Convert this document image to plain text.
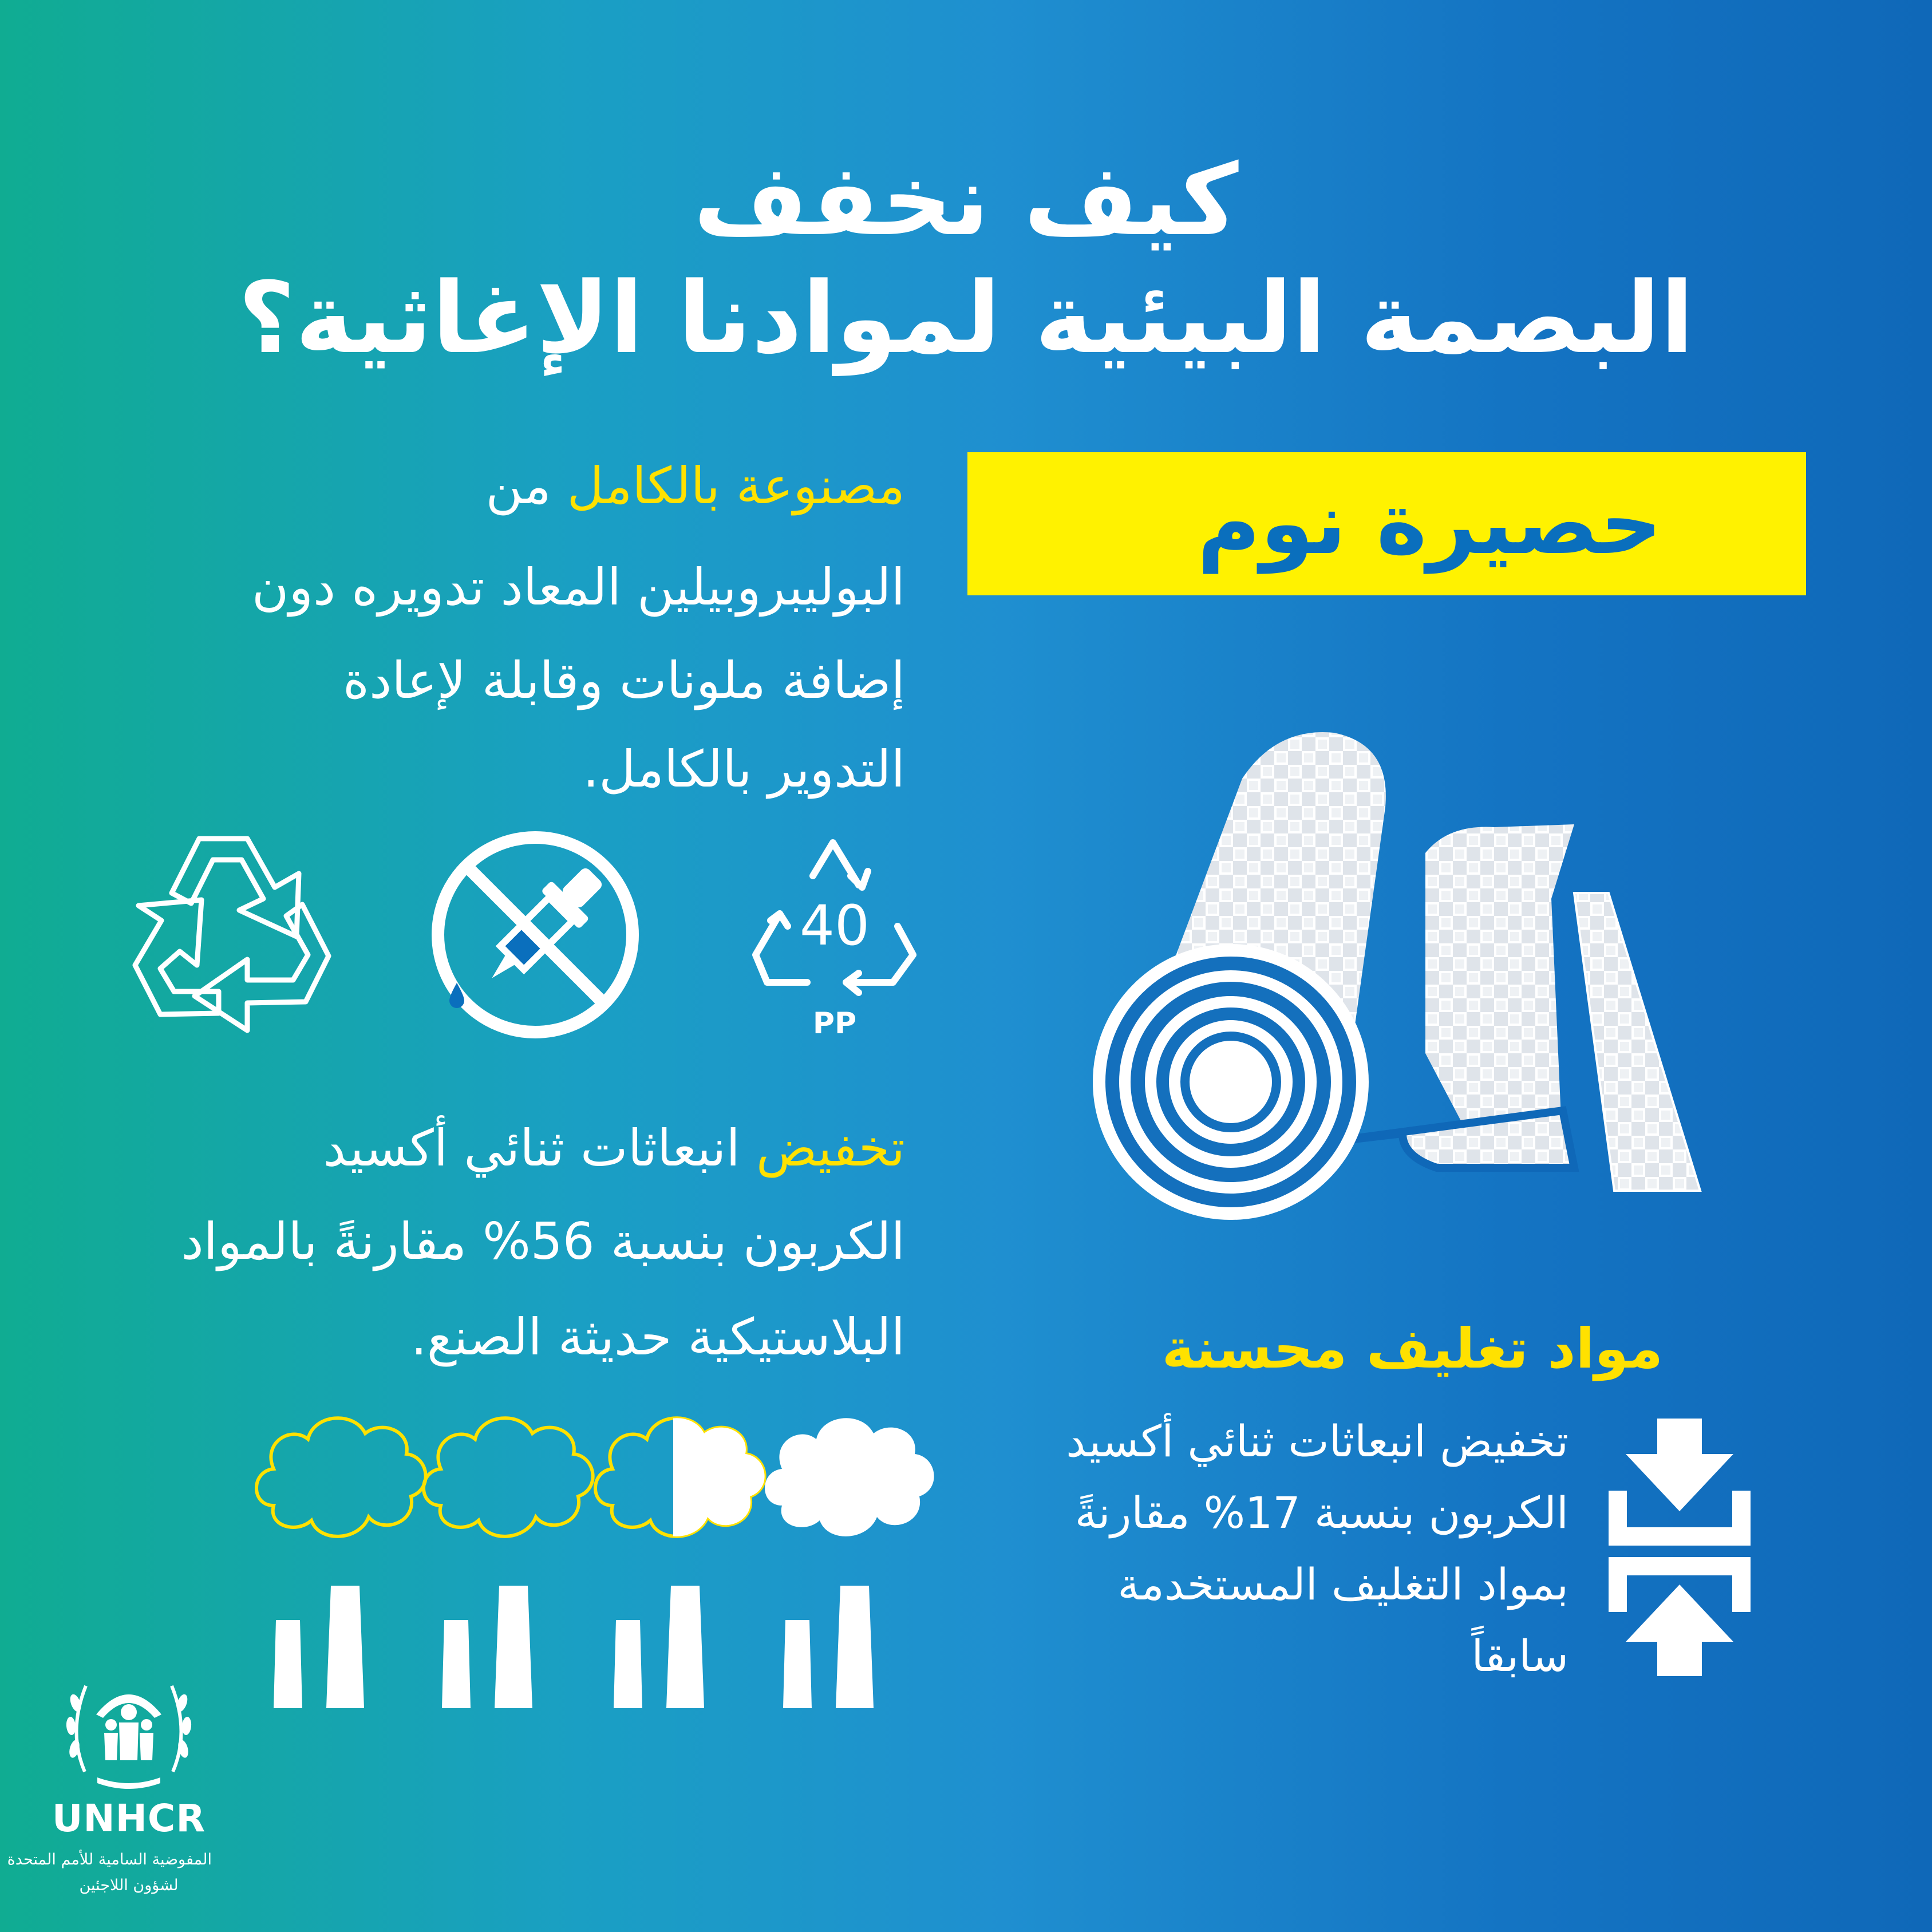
كيف نخفف
البصمة البيئية لموادنا الإغاثية؟

مصنوعة بالكامل من

البوليبروبيلين المعاد تدويره دون

إضافة ملونات وقابلة لإعادة

التدوير بالكامل.

40
PP

تخفيض انبعاثات ثنائي أكسيد

الكربون بنسبة 56% مقارنةً بالمواد

البلاستيكية حديثة الصنع.

حصيرة نوم

مواد تغليف محسنة

تخفيض انبعاثات ثنائي أكسيد

الكربون بنسبة 17% مقارنةً

بمواد التغليف المستخدمة

سابقاً

UNHCR

المفوضية السامية للأمم المتحدة

لشؤون اللاجئين
